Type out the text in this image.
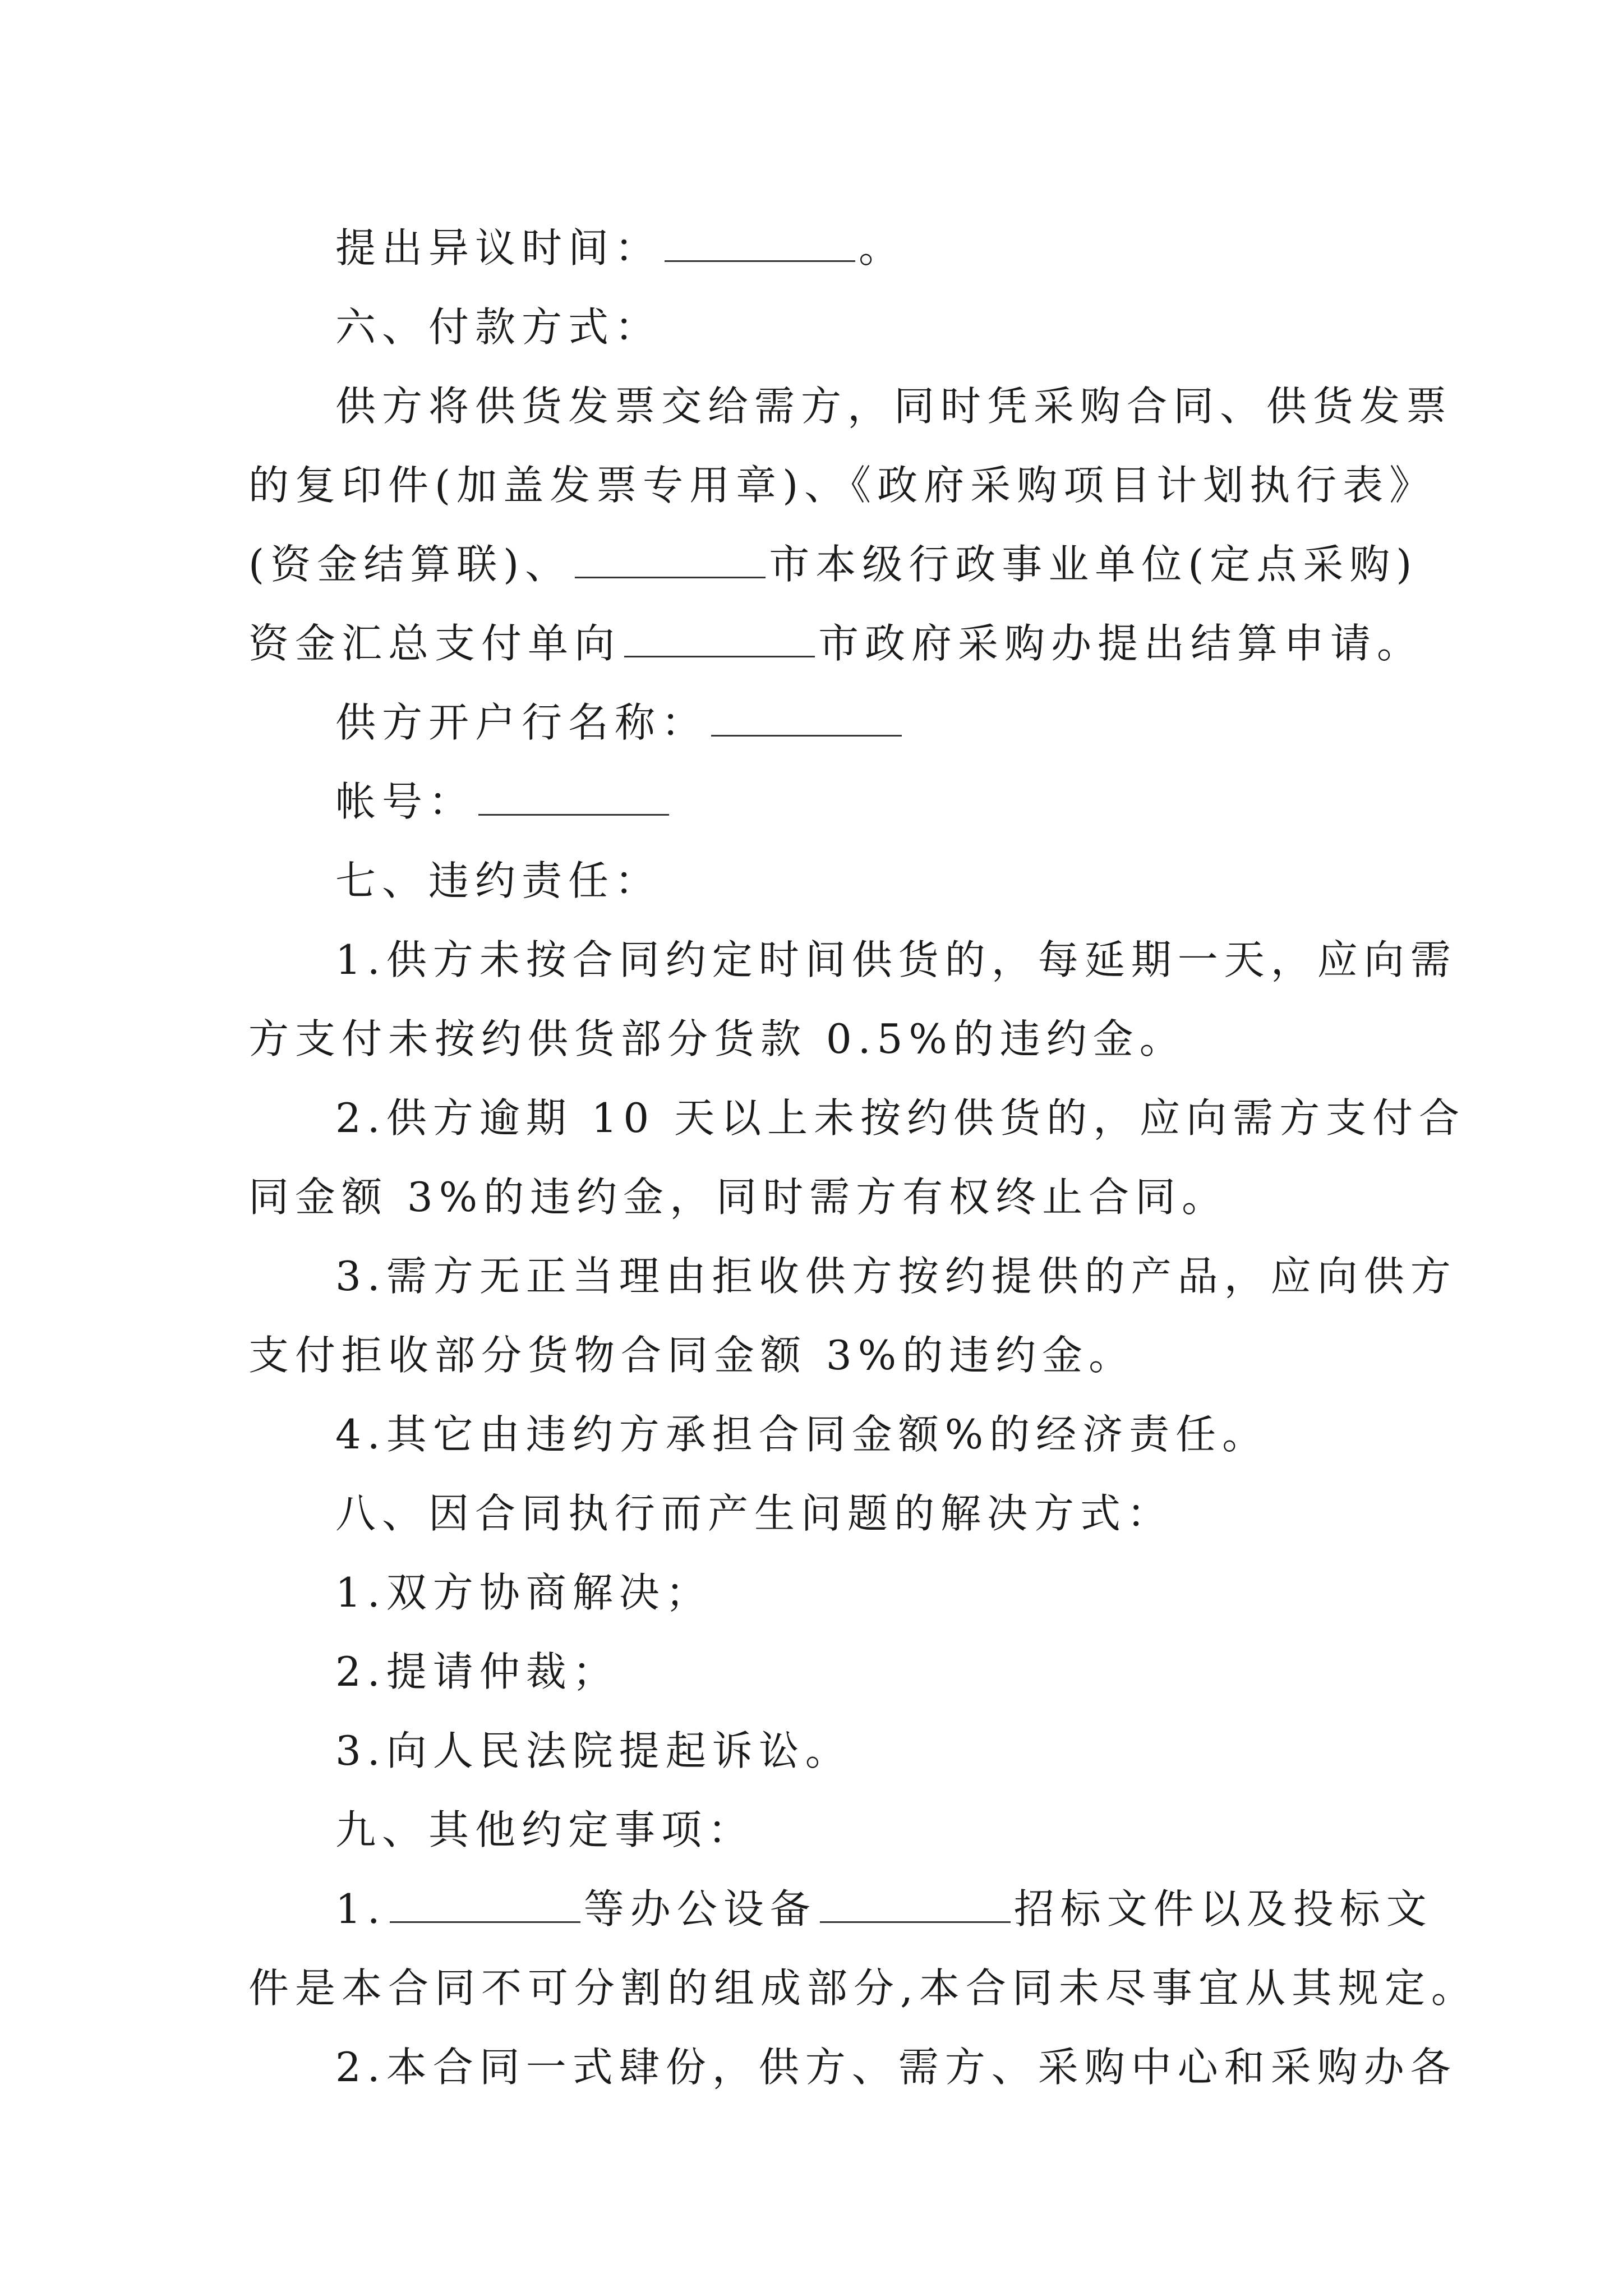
提出异议时间：	。
六、付款方式：
供方将供货发票交给需方，同时凭采购合同、供货发票
的复印件(加盖发票专用章)、《政府采购项目计划执行表》
(资金结算联)、	市本级行政事业单位(定点采购)
资金汇总支付单向	市政府采购办提出结算申请。
供方开户行名称：
帐号：
七、违约责任：
1.供方未按合同约定时间供货的，每延期一天，应向需
方支付未按约供货部分货款 0.5%的违约金。
2.供方逾期 10 天以上未按约供货的，应向需方支付合
同金额 3%的违约金，同时需方有权终止合同。
3.需方无正当理由拒收供方按约提供的产品，应向供方
支付拒收部分货物合同金额 3%的违约金。
4.其它由违约方承担合同金额%的经济责任。
八、因合同执行而产生问题的解决方式：
1.双方协商解决；
2.提请仲裁；
3.向人民法院提起诉讼。
九、其他约定事项：
1.	等办公设备	招标文件以及投标文
件是本合同不可分割的组成部分,本合同未尽事宜从其规定。
2.本合同一式肆份，供方、需方、采购中心和采购办各
